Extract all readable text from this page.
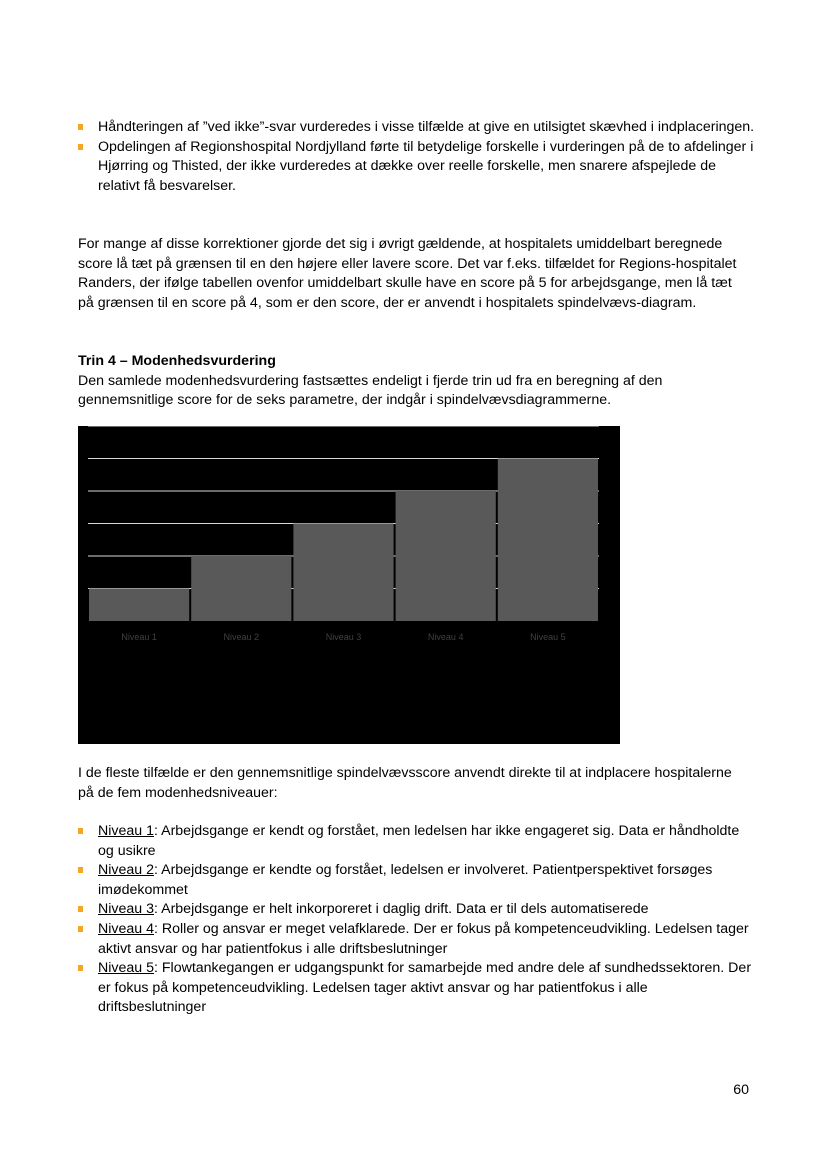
Håndteringen af ”ved ikke”-svar vurderedes i visse tilfælde at give en utilsigtet skævhed i indplaceringen.
Opdelingen af Regionshospital Nordjylland førte til betydelige forskelle i vurderingen på de to afdelinger i Hjørring og Thisted, der ikke vurderedes at dække over reelle forskelle, men snarere afspejlede de relativt få besvarelser.

For mange af disse korrektioner gjorde det sig i øvrigt gældende, at hospitalets umiddelbart beregnede score lå tæt på grænsen til en den højere eller lavere score. Det var f.eks. tilfældet for Regions-hospitalet Randers, der ifølge tabellen ovenfor umiddelbart skulle have en score på 5 for arbejdsgange, men lå tæt på grænsen til en score på 4, som er den score, der er anvendt i hospitalets spindelvævs-diagram.

Trin 4 – Modenhedsvurdering
Den samlede modenhedsvurdering fastsættes endeligt i fjerde trin ud fra en beregning af den gennemsnitlige score for de seks parametre, der indgår i spindelvævsdiagrammerne.
Niveau 1	Niveau 2	Niveau 3	Niveau 4	Niveau 5

I de fleste tilfælde er den gennemsnitlige spindelvævsscore anvendt direkte til at indplacere hospitalerne på de fem modenhedsniveauer:

Niveau 1: Arbejdsgange er kendt og forstået, men ledelsen har ikke engageret sig. Data er håndholdte og usikre
Niveau 2: Arbejdsgange er kendte og forstået, ledelsen er involveret. Patientperspektivet forsøges imødekommet
Niveau 3: Arbejdsgange er helt inkorporeret i daglig drift. Data er til dels automatiserede
Niveau 4: Roller og ansvar er meget velafklarede. Der er fokus på kompetenceudvikling. Ledelsen tager aktivt ansvar og har patientfokus i alle driftsbeslutninger
Niveau 5: Flowtankegangen er udgangspunkt for samarbejde med andre dele af sundhedssektoren. Der er fokus på kompetenceudvikling. Ledelsen tager aktivt ansvar og har patientfokus i alle driftsbeslutninger
60
